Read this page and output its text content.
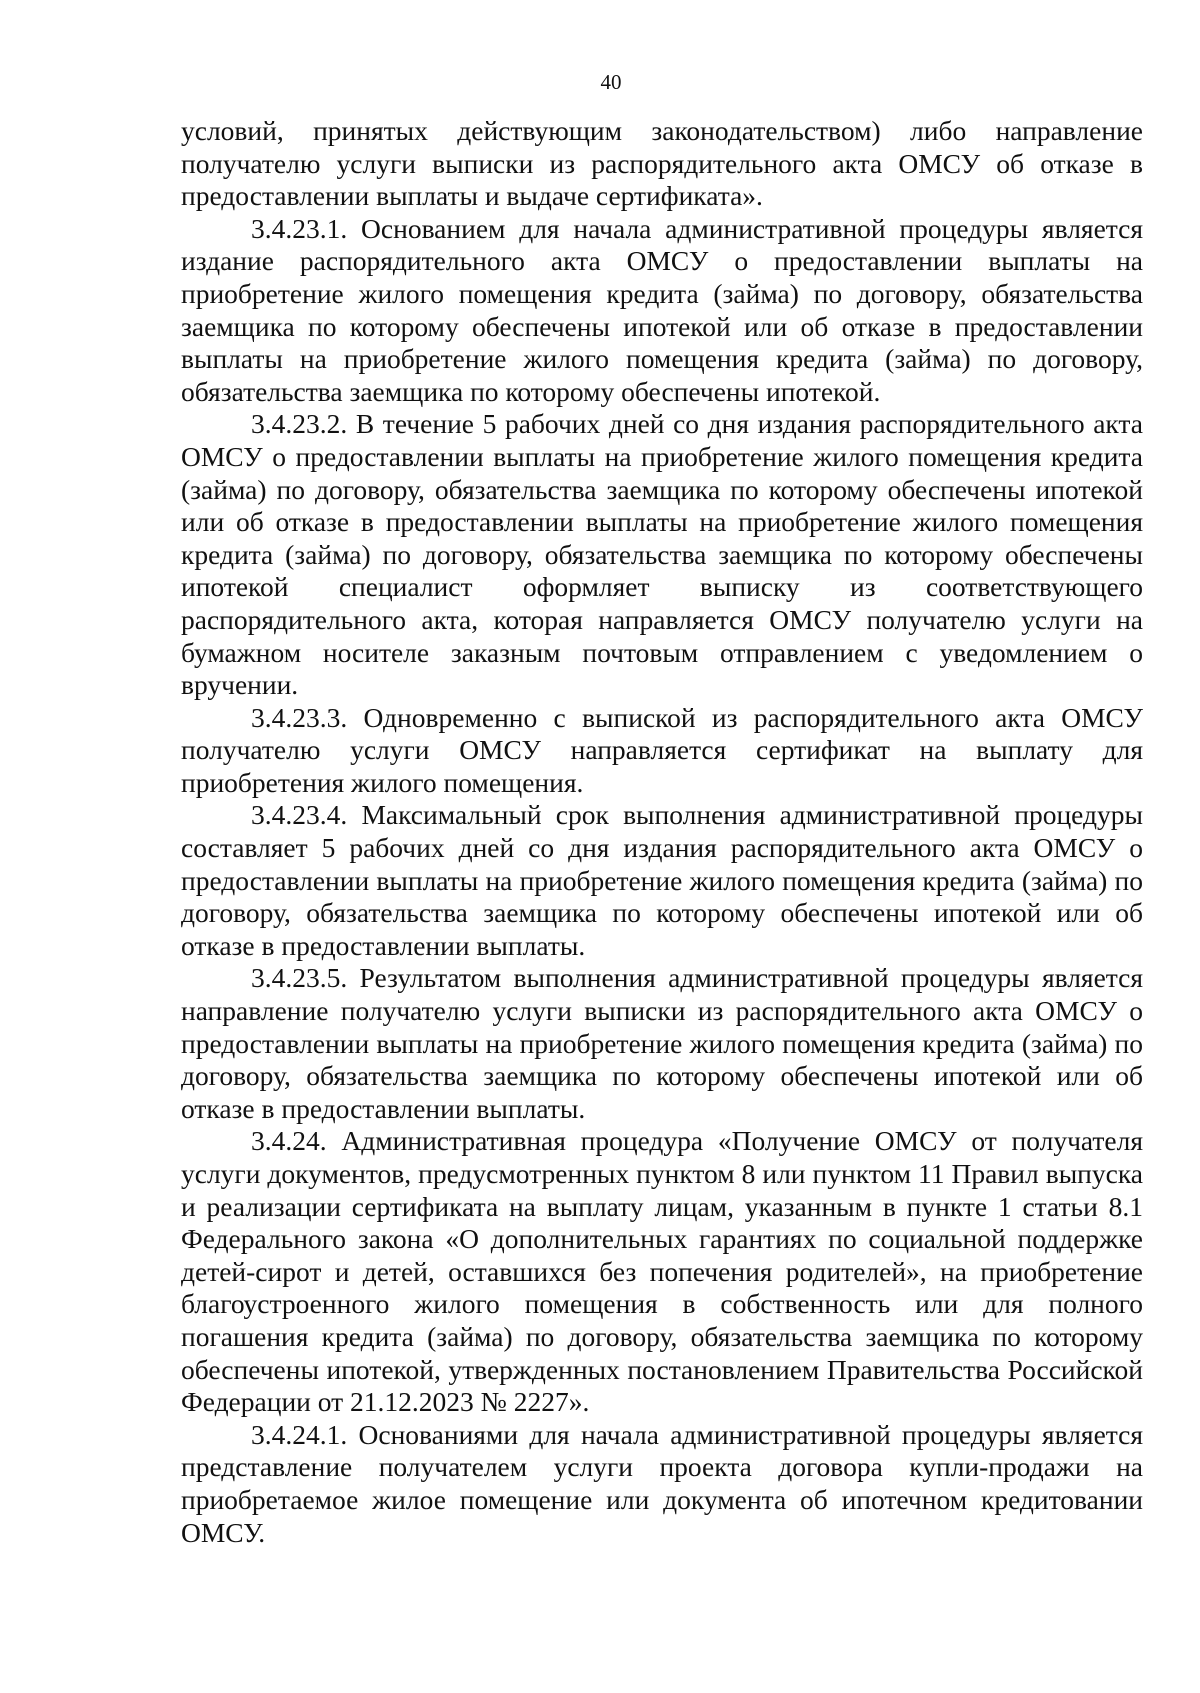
40

условий, принятых действующим законодательством) либо направление получателю услуги выписки из распорядительного акта ОМСУ об отказе в предоставлении выплаты и выдаче сертификата».

3.4.23.1. Основанием для начала административной процедуры является издание распорядительного акта ОМСУ о предоставлении выплаты на приобретение жилого помещения кредита (займа) по договору, обязательства заемщика по которому обеспечены ипотекой или об отказе в предоставлении выплаты на приобретение жилого помещения кредита (займа) по договору, обязательства заемщика по которому обеспечены ипотекой.

3.4.23.2. В течение 5 рабочих дней со дня издания распорядительного акта ОМСУ о предоставлении выплаты на приобретение жилого помещения кредита (займа) по договору, обязательства заемщика по которому обеспечены ипотекой или об отказе в предоставлении выплаты на приобретение жилого помещения кредита (займа) по договору, обязательства заемщика по которому обеспечены ипотекой специалист оформляет выписку из соответствующего распорядительного акта, которая направляется ОМСУ получателю услуги на бумажном носителе заказным почтовым отправлением с уведомлением о вручении.

3.4.23.3. Одновременно с выпиской из распорядительного акта ОМСУ получателю услуги ОМСУ направляется сертификат на выплату для приобретения жилого помещения.

3.4.23.4. Максимальный срок выполнения административной процедуры составляет 5 рабочих дней со дня издания распорядительного акта ОМСУ о предоставлении выплаты на приобретение жилого помещения кредита (займа) по договору, обязательства заемщика по которому обеспечены ипотекой или об отказе в предоставлении выплаты.

3.4.23.5. Результатом выполнения административной процедуры является направление получателю услуги выписки из распорядительного акта ОМСУ о предоставлении выплаты на приобретение жилого помещения кредита (займа) по договору, обязательства заемщика по которому обеспечены ипотекой или об отказе в предоставлении выплаты.

3.4.24. Административная процедура «Получение ОМСУ от получателя услуги документов, предусмотренных пунктом 8 или пунктом 11 Правил выпуска и реализации сертификата на выплату лицам, указанным в пункте 1 статьи 8.1 Федерального закона «О дополнительных гарантиях по социальной поддержке детей-сирот и детей, оставшихся без попечения родителей», на приобретение благоустроенного жилого помещения в собственность или для полного погашения кредита (займа) по договору, обязательства заемщика по которому обеспечены ипотекой, утвержденных постановлением Правительства Российской Федерации от 21.12.2023 № 2227».

3.4.24.1. Основаниями для начала административной процедуры является представление получателем услуги проекта договора купли-продажи на приобретаемое жилое помещение или документа об ипотечном кредитовании ОМСУ.
